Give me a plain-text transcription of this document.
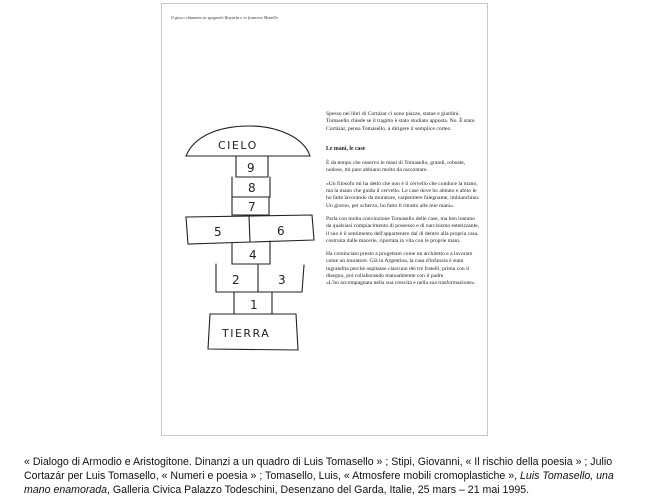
Il gioco chiamato in spagnolo Rayuela e in francese Marelle.
CIELO
9
8
7
5	6
4
2	3
1
TIERRA

Spesso nei libri di Cortázar ci sono piazze, statue e giardini. Tomasello chiede se il tragitto è stato studiato apposta. No. È stato Cortázar, pensa Tomasello, a dirigere il semplice corteo.

Le mani, le case

È da tempo che osservo le mani di Tomasello, grandi, robuste, nodose, mi pare abbiano molto da raccontare.

«Un filosofo mi ha detto che non è il cervello che conduce la mano, ma la mano che guida il cervello. Le case dove ho abitato e abito le ho fatte lavorando da muratore, carpentiere falegname, imbianchino. Un giorno, per scherzo, ho fatto il ritratto alle mie mani».

Parla con molta convinzione Tomasello delle case, ma ben lontano da qualsiasi compiacimento di possesso e di narcisismo estetizzante, il suo è il sentimento dell'appartenere dal di dentro alla propria casa, costruita dalle macerie, riportata in vita con le proprie mani.

Ha cominciato presto a progettare come un architetto e a lavorare come un muratore. Già in Argentina, la casa d'infanzia è stata ingrandita perché ospitasse ciascuno dei tre fratelli, prima con il disegno, poi collaborando manualmente con il padre.

«L'ho accompagnata nella sua crescita e nella sua trasformazione».

« Dialogo di Armodio e Aristogitone. Dinanzi a un quadro di Luis Tomasello » ; Stipi, Giovanni, « Il rischio della poesia » ; Julio Cortazár per Luis Tomasello, « Numeri e poesia » ; Tomasello, Luis, « Atmosfere mobili cromoplastiche », Luis Tomasello, una mano enamorada, Galleria Civica Palazzo Todeschini, Desenzano del Garda, Italie, 25 mars – 21 mai 1995.
